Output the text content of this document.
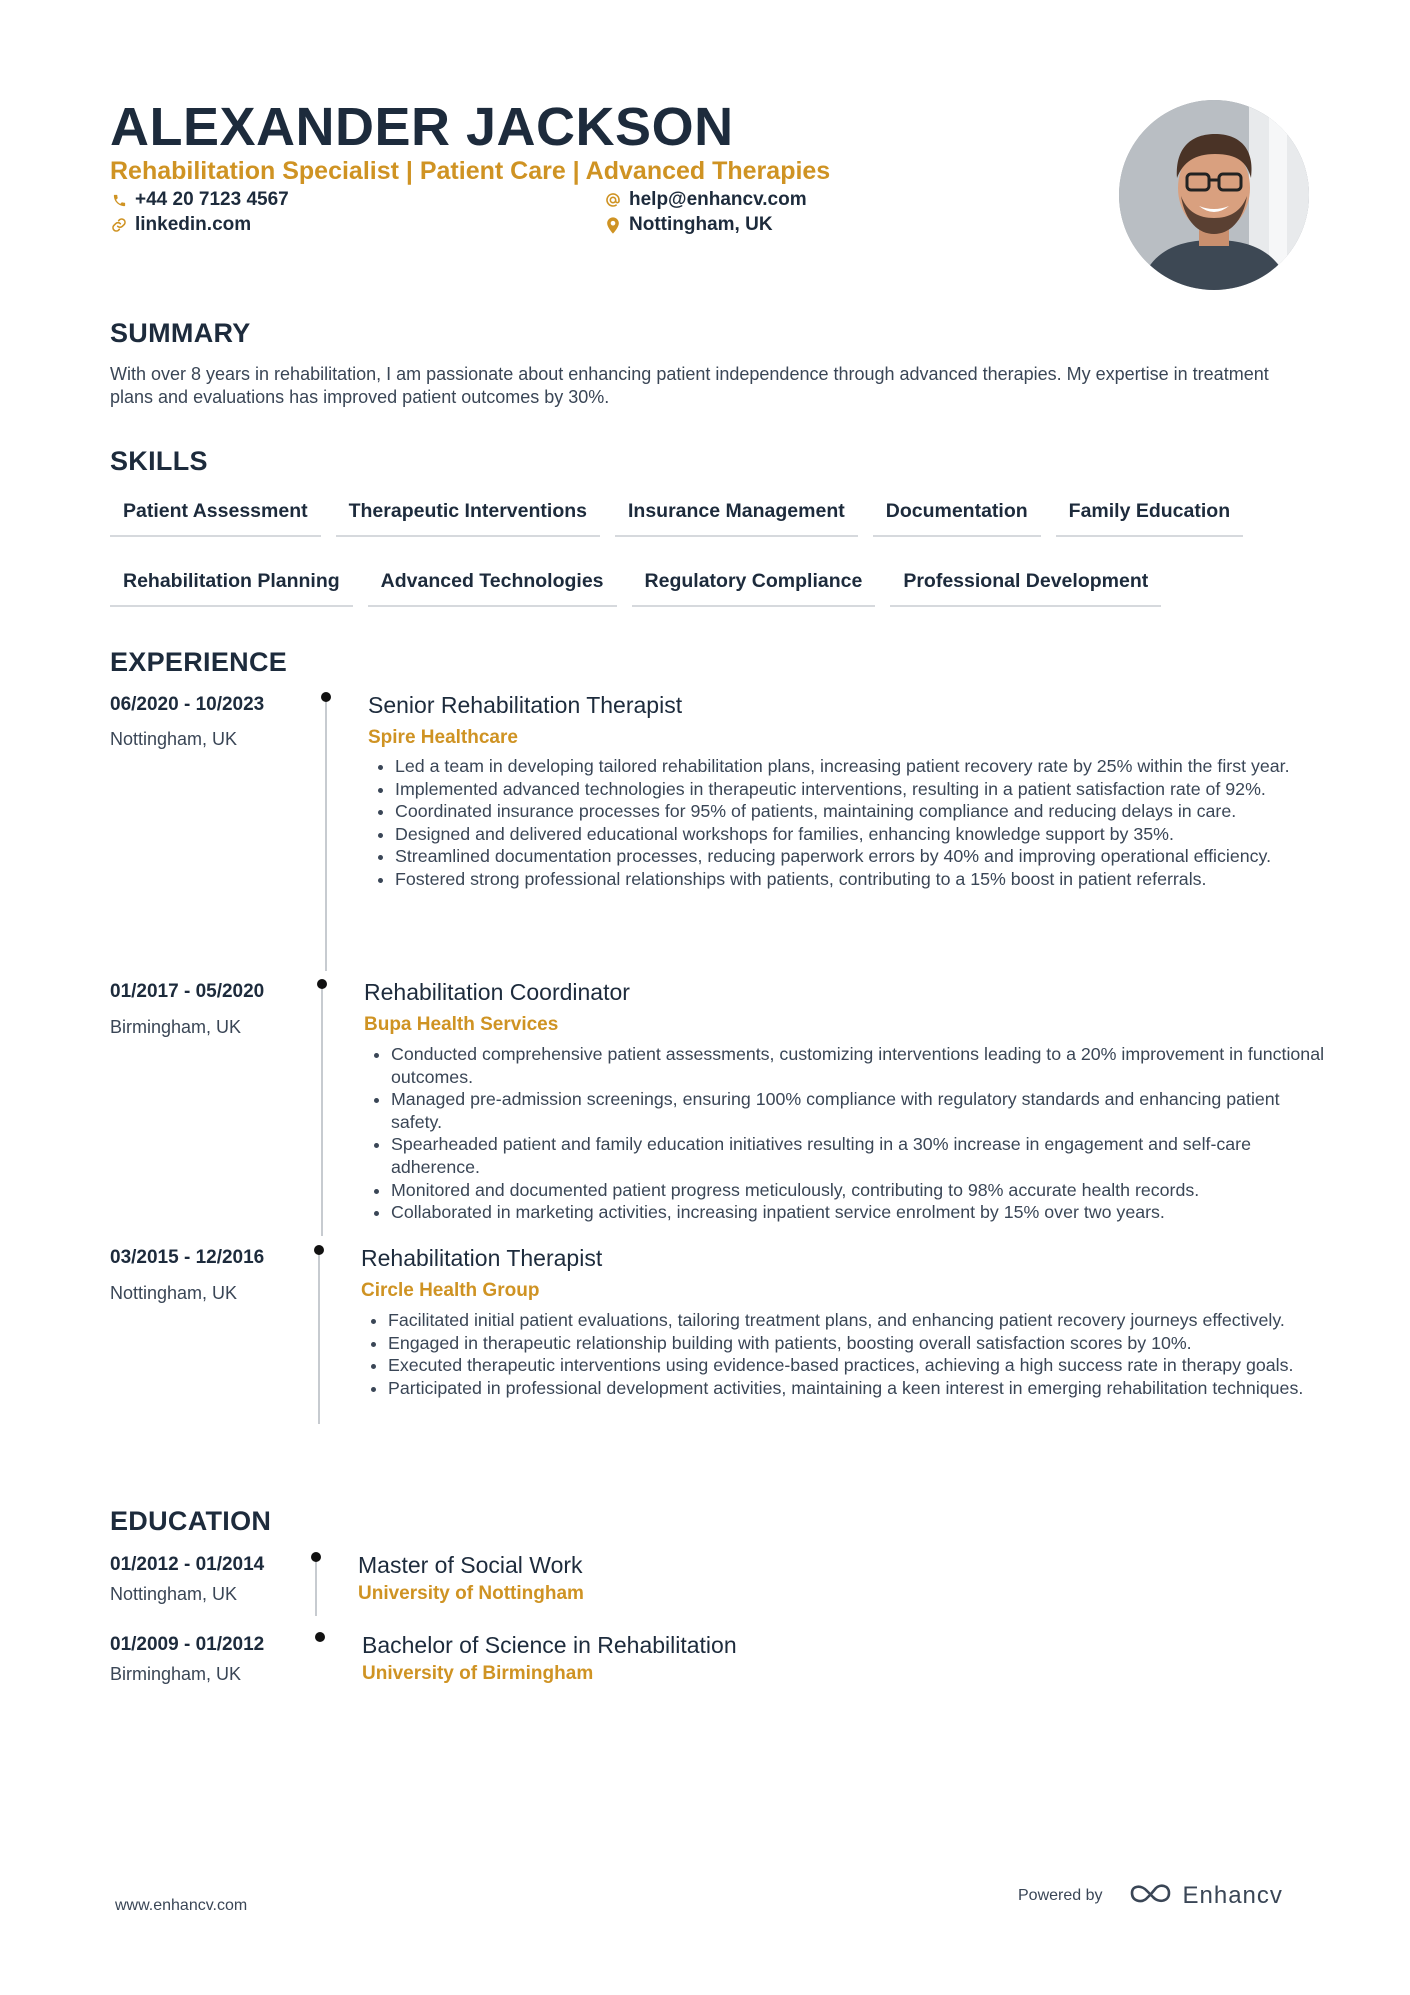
ALEXANDER JACKSON
Rehabilitation Specialist | Patient Care | Advanced Therapies
+44 20 7123 4567	help@enhancv.com
linkedin.com	Nottingham, UK
SUMMARY
With over 8 years in rehabilitation, I am passionate about enhancing patient independence through advanced therapies. My expertise in treatment plans and evaluations has improved patient outcomes by 30%.
SKILLS
Patient Assessment	Therapeutic Interventions	Insurance Management	Documentation	Family Education
Rehabilitation Planning	Advanced Technologies	Regulatory Compliance	Professional Development
EXPERIENCE
06/2020 - 10/2023
Nottingham, UK
Senior Rehabilitation Therapist
Spire Healthcare
• Led a team in developing tailored rehabilitation plans, increasing patient recovery rate by 25% within the first year.
• Implemented advanced technologies in therapeutic interventions, resulting in a patient satisfaction rate of 92%.
• Coordinated insurance processes for 95% of patients, maintaining compliance and reducing delays in care.
• Designed and delivered educational workshops for families, enhancing knowledge support by 35%.
• Streamlined documentation processes, reducing paperwork errors by 40% and improving operational efficiency.
• Fostered strong professional relationships with patients, contributing to a 15% boost in patient referrals.
01/2017 - 05/2020
Birmingham, UK
Rehabilitation Coordinator
Bupa Health Services
• Conducted comprehensive patient assessments, customizing interventions leading to a 20% improvement in functional outcomes.
• Managed pre-admission screenings, ensuring 100% compliance with regulatory standards and enhancing patient safety.
• Spearheaded patient and family education initiatives resulting in a 30% increase in engagement and self-care adherence.
• Monitored and documented patient progress meticulously, contributing to 98% accurate health records.
• Collaborated in marketing activities, increasing inpatient service enrolment by 15% over two years.
03/2015 - 12/2016
Nottingham, UK
Rehabilitation Therapist
Circle Health Group
• Facilitated initial patient evaluations, tailoring treatment plans, and enhancing patient recovery journeys effectively.
• Engaged in therapeutic relationship building with patients, boosting overall satisfaction scores by 10%.
• Executed therapeutic interventions using evidence-based practices, achieving a high success rate in therapy goals.
• Participated in professional development activities, maintaining a keen interest in emerging rehabilitation techniques.
EDUCATION
01/2012 - 01/2014
Nottingham, UK
Master of Social Work
University of Nottingham
01/2009 - 01/2012
Birmingham, UK
Bachelor of Science in Rehabilitation
University of Birmingham
www.enhancv.com
Powered by	Enhancv
